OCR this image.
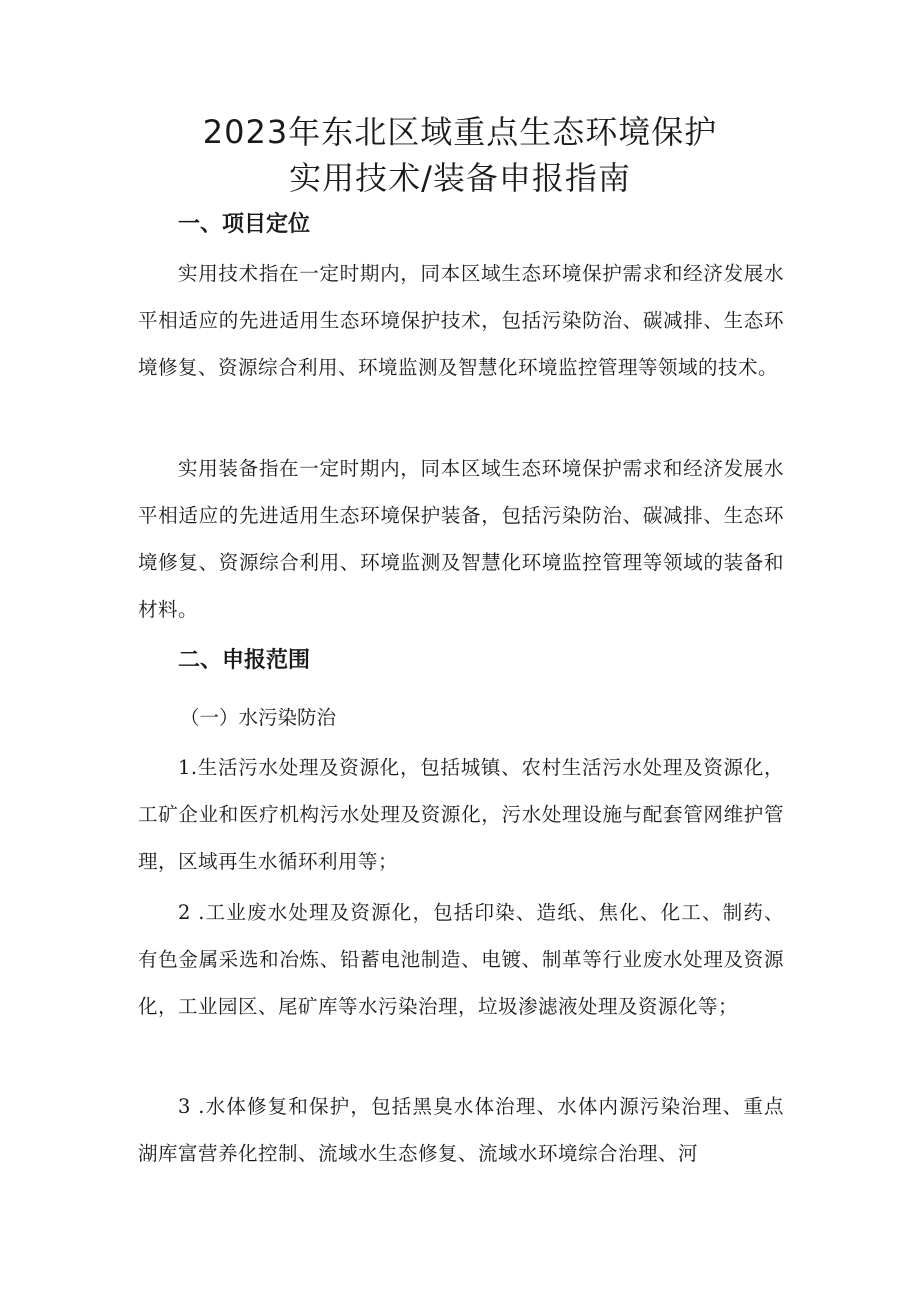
2023年东北区域重点生态环境保护
实用技术/装备申报指南
一、项目定位

实用技术指在一定时期内，同本区域生态环境保护需求和经济发展水平相适应的先进适用生态环境保护技术，包括污染防治、碳减排、生态环境修复、资源综合利用、环境监测及智慧化环境监控管理等领域的技术。

实用装备指在一定时期内，同本区域生态环境保护需求和经济发展水平相适应的先进适用生态环境保护装备，包括污染防治、碳减排、生态环境修复、资源综合利用、环境监测及智慧化环境监控管理等领域的装备和材料。

二、申报范围

（一）水污染防治

1.生活污水处理及资源化，包括城镇、农村生活污水处理及资源化，工矿企业和医疗机构污水处理及资源化，污水处理设施与配套管网维护管理，区域再生水循环利用等；

2 .工业废水处理及资源化，包括印染、造纸、焦化、化工、制药、有色金属采选和冶炼、铅蓄电池制造、电镀、制革等行业废水处理及资源化，工业园区、尾矿库等水污染治理，垃圾渗滤液处理及资源化等；

3 .水体修复和保护，包括黑臭水体治理、水体内源污染治理、重点湖库富营养化控制、流域水生态修复、流域水环境综合治理、河
